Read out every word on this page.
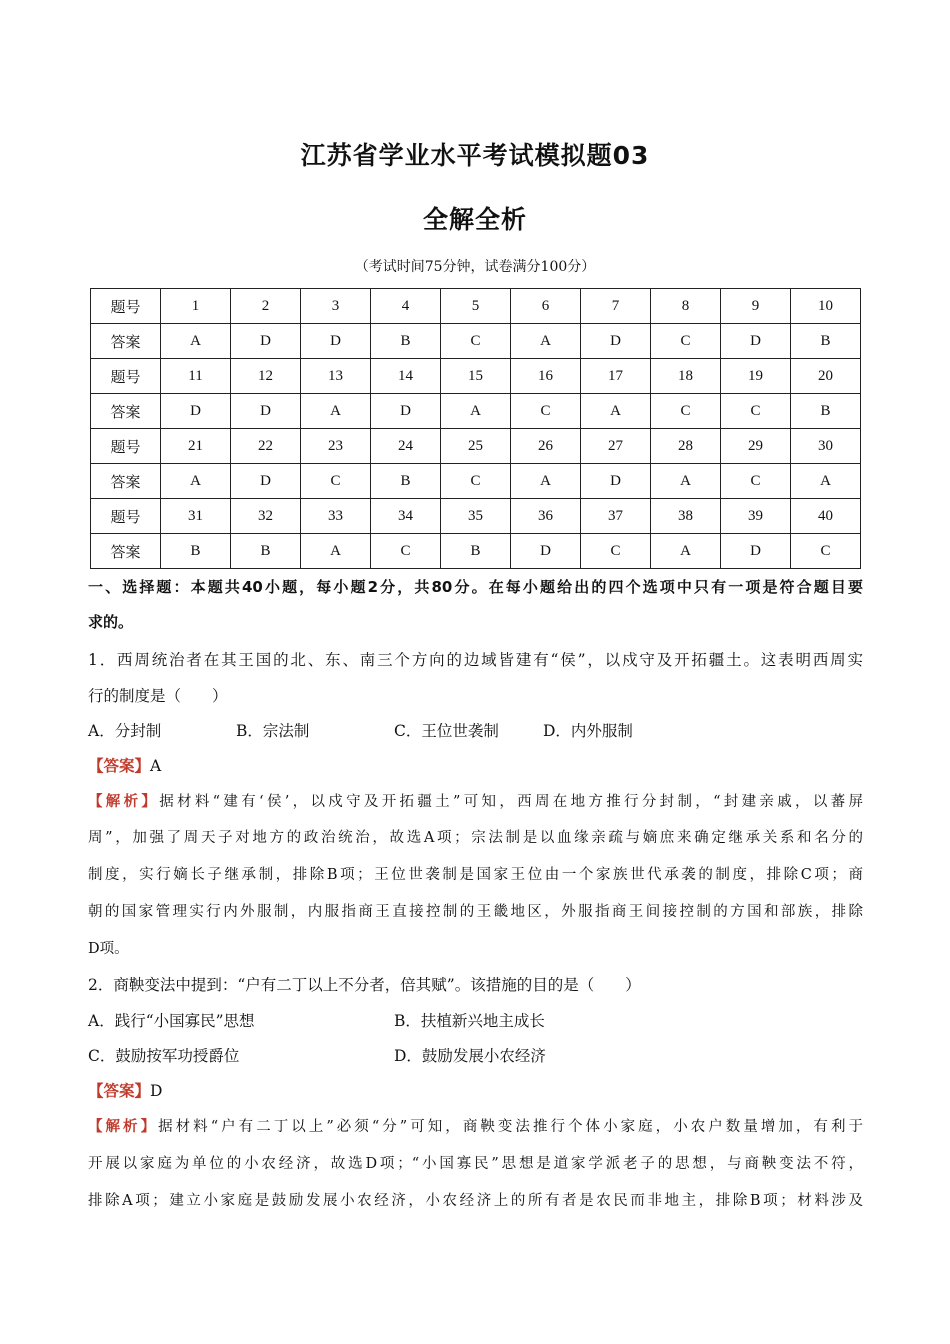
江苏省学业水平考试模拟题03
全解全析
（考试时间75分钟，试卷满分100分）
题号	1	2	3	4	5	6	7	8	9	10
答案	A	D	D	B	C	A	D	C	D	B
题号	11	12	13	14	15	16	17	18	19	20
答案	D	D	A	D	A	C	A	C	C	B
题号	21	22	23	24	25	26	27	28	29	30
答案	A	D	C	B	C	A	D	A	C	A
题号	31	32	33	34	35	36	37	38	39	40
答案	B	B	A	C	B	D	C	A	D	C
一、选择题：本题共40小题，每小题2分，共80分。在每小题给出的四个选项中只有一项是符合题目要
求的。
1．西周统治者在其王国的北、东、南三个方向的边域皆建有“侯”，以戍守及开拓疆土。这表明西周实
行的制度是（　　）
A．分封制	B．宗法制	C．王位世袭制	D．内外服制
【答案】A
【解析】据材料“建有‘侯’，以戍守及开拓疆土”可知，西周在地方推行分封制，“封建亲戚，以蕃屏
周”，加强了周天子对地方的政治统治，故选A项；宗法制是以血缘亲疏与嫡庶来确定继承关系和名分的
制度，实行嫡长子继承制，排除B项；王位世袭制是国家王位由一个家族世代承袭的制度，排除C项；商
朝的国家管理实行内外服制，内服指商王直接控制的王畿地区，外服指商王间接控制的方国和部族，排除
D项。
2．商鞅变法中提到：“户有二丁以上不分者，倍其赋”。该措施的目的是（　　）
A．践行“小国寡民”思想	B．扶植新兴地主成长
C．鼓励按军功授爵位	D．鼓励发展小农经济
【答案】D
【解析】据材料“户有二丁以上”必须“分”可知，商鞅变法推行个体小家庭，小农户数量增加，有利于
开展以家庭为单位的小农经济，故选D项；“小国寡民”思想是道家学派老子的思想，与商鞅变法不符，
排除A项；建立小家庭是鼓励发展小农经济，小农经济上的所有者是农民而非地主，排除B项；材料涉及
